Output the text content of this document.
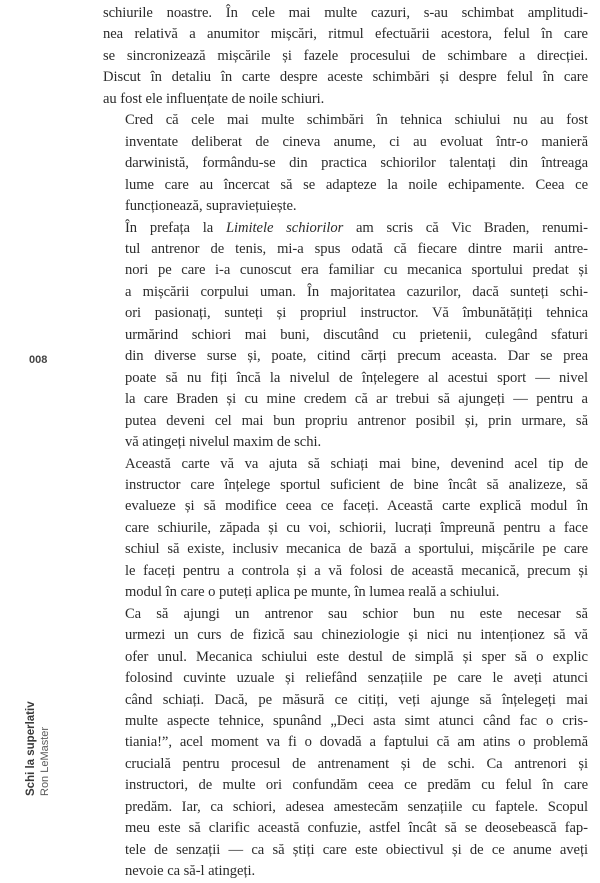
schiurile noastre. În cele mai multe cazuri, s-au schimbat amplitudi-
nea relativă a anumitor mișcări, ritmul efectuării acestora, felul în care
se sincronizează mișcările și fazele procesului de schimbare a direcției.
Discut în detaliu în carte despre aceste schimbări și despre felul în care
au fost ele influențate de noile schiuri.

Cred că cele mai multe schimbări în tehnica schiului nu au fost
inventate deliberat de cineva anume, ci au evoluat într-o manieră
darwinistă, formându-se din practica schiorilor talentați din întreaga
lume care au încercat să se adapteze la noile echipamente. Ceea ce
funcționează, supraviețuiește.

În prefața la Limitele schiorilor am scris că Vic Braden, renumi-
tul antrenor de tenis, mi-a spus odată că fiecare dintre marii antre-
nori pe care i-a cunoscut era familiar cu mecanica sportului predat și
a mișcării corpului uman. În majoritatea cazurilor, dacă sunteți schi-
ori pasionați, sunteți și propriul instructor. Vă îmbunătățiți tehnica
urmărind schiori mai buni, discutând cu prietenii, culegând sfaturi
din diverse surse și, poate, citind cărți precum aceasta. Dar se prea
poate să nu fiți încă la nivelul de înțelegere al acestui sport — nivel
la care Braden și cu mine credem că ar trebui să ajungeți — pentru a
putea deveni cel mai bun propriu antrenor posibil și, prin urmare, să
vă atingeți nivelul maxim de schi.

Această carte vă va ajuta să schiați mai bine, devenind acel tip de
instructor care înțelege sportul suficient de bine încât să analizeze, să
evalueze și să modifice ceea ce faceți. Această carte explică modul în
care schiurile, zăpada și cu voi, schiorii, lucrați împreună pentru a face
schiul să existe, inclusiv mecanica de bază a sportului, mișcările pe care
le faceți pentru a controla și a vă folosi de această mecanică, precum și
modul în care o puteți aplica pe munte, în lumea reală a schiului.

Ca să ajungi un antrenor sau schior bun nu este necesar să
urmezi un curs de fizică sau chineziologie și nici nu intenționez să vă
ofer unul. Mecanica schiului este destul de simplă și sper să o explic
folosind cuvinte uzuale și reliefând senzațiile pe care le aveți atunci
când schiați. Dacă, pe măsură ce citiți, veți ajunge să înțelegeți mai
multe aspecte tehnice, spunând „Deci asta simt atunci când fac o cris-
tiania!”, acel moment va fi o dovadă a faptului că am atins o problemă
crucială pentru procesul de antrenament și de schi. Ca antrenori și
instructori, de multe ori confundăm ceea ce predăm cu felul în care
predăm. Iar, ca schiori, adesea amestecăm senzațiile cu faptele. Scopul
meu este să clarific această confuzie, astfel încât să se deosebească fap-
tele de senzații — ca să știți care este obiectivul și de ce anume aveți
nevoie ca să-l atingeți.

008
Schi la superlativ Ron LeMaster
